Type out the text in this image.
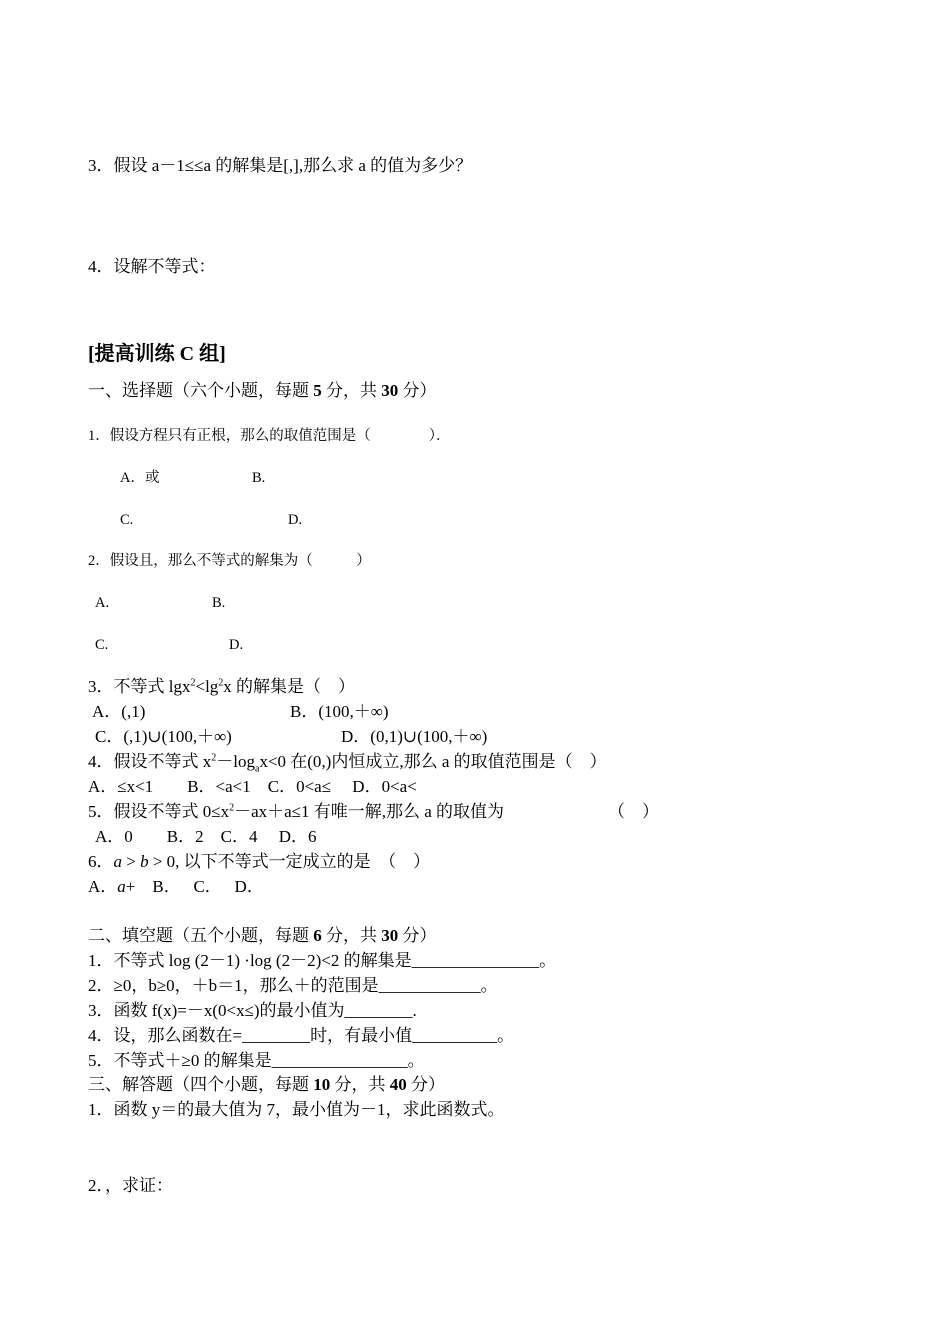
3．假设 a－1≤≤a 的解集是[,],那么求 a 的值为多少？
4．设解不等式：
[提高训练 C 组]
一、选择题（六个小题，每题 5 分，共 30 分）
1．假设方程只有正根，那么的取值范围是（　　　　）．
A．或	B.
C.	D.
2．假设且，那么不等式的解集为（　　　）
A.	B.
C.	D.
3．不等式 $\lg x^2<\lg^2x$ 的解集是（　）
A．(,1)	B．(100,＋∞)
C．(,1)∪(100,＋∞)	D．(0,1)∪(100,＋∞)
4．假设不等式 $x^2-\log_ax<0$ 在(0,)内恒成立,那么 a 的取值范围是（　）
A．≤x<1　　B．<a<1　C．0<a≤　 D．0<a<
5．假设不等式 $0\le x^2-ax+a\le 1$ 有唯一解,那么 a 的取值为	（　）
A．0　　B．2　C．4　 D．6
6．a > b > 0, 以下不等式一定成立的是　（　）
A．a+　B．　 C．　 D．
二、填空题（五个小题，每题 6 分，共 30 分）
1．不等式 log (2－1) ·log (2－2)<2 的解集是_______________。
2．≥0，b≥0，＋b＝1，那么＋的范围是____________。
3．函数 f(x)=－x(0<x≤)的最小值为________.
4．设，那么函数在=________时，有最小值__________。
5．不等式＋≥0 的解集是________________。
三、解答题（四个小题，每题 10 分，共 40 分）
1．函数 y＝的最大值为 7，最小值为－1，求此函数式。
2．，求证：
